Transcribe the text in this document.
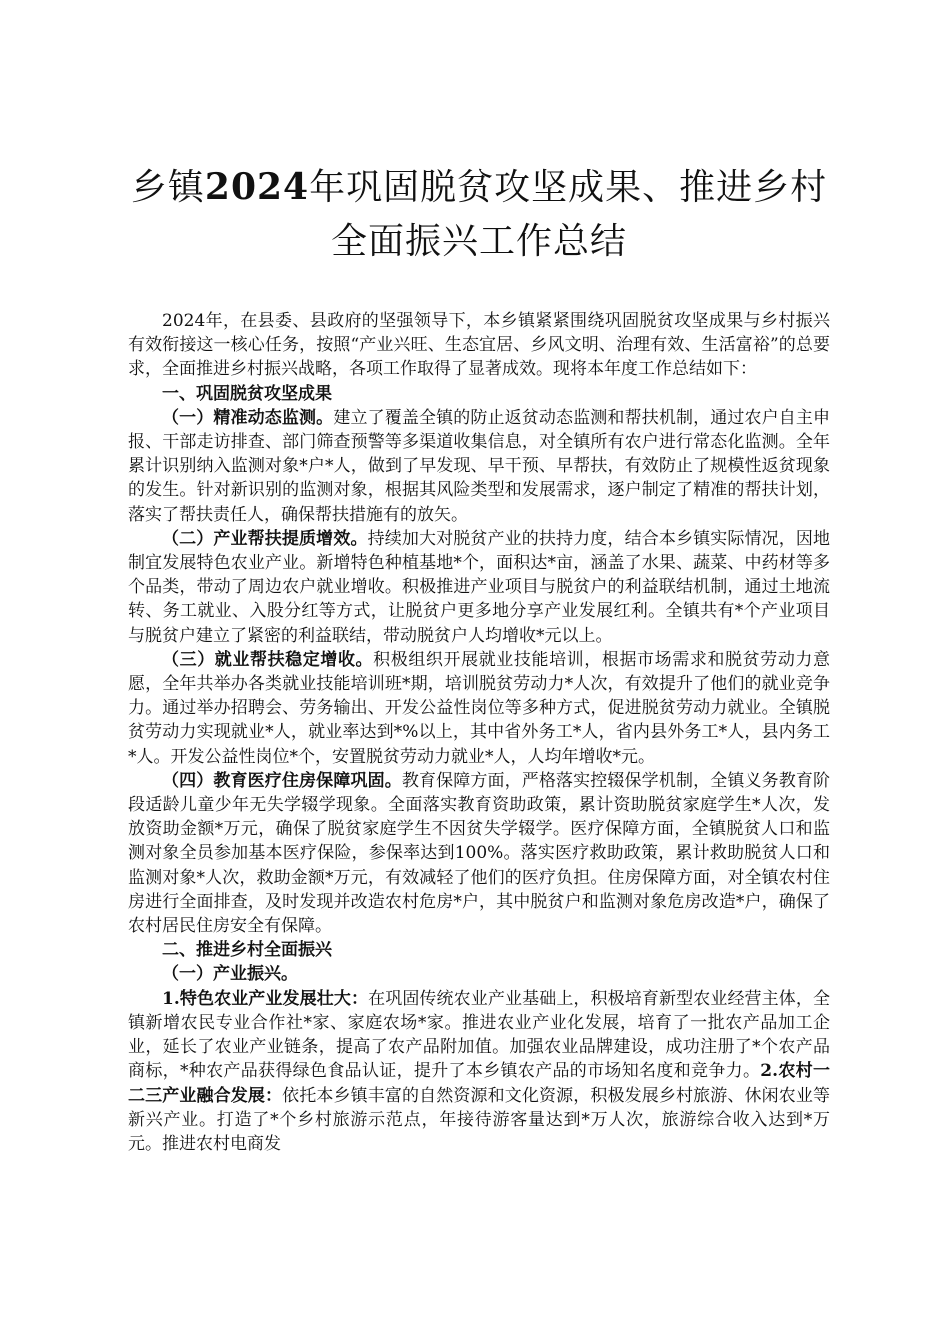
乡镇2024年巩固脱贫攻坚成果、推进乡村全面振兴工作总结

2024年，在县委、县政府的坚强领导下，本乡镇紧紧围绕巩固脱贫攻坚成果与乡村振兴有效衔接这一核心任务，按照“产业兴旺、生态宜居、乡风文明、治理有效、生活富裕”的总要求，全面推进乡村振兴战略，各项工作取得了显著成效。现将本年度工作总结如下：

一、巩固脱贫攻坚成果

（一）精准动态监测。建立了覆盖全镇的防止返贫动态监测和帮扶机制，通过农户自主申报、干部走访排查、部门筛查预警等多渠道收集信息，对全镇所有农户进行常态化监测。全年累计识别纳入监测对象*户*人，做到了早发现、早干预、早帮扶，有效防止了规模性返贫现象的发生。针对新识别的监测对象，根据其风险类型和发展需求，逐户制定了精准的帮扶计划，落实了帮扶责任人，确保帮扶措施有的放矢。

（二）产业帮扶提质增效。持续加大对脱贫产业的扶持力度，结合本乡镇实际情况，因地制宜发展特色农业产业。新增特色种植基地*个，面积达*亩，涵盖了水果、蔬菜、中药材等多个品类，带动了周边农户就业增收。积极推进产业项目与脱贫户的利益联结机制，通过土地流转、务工就业、入股分红等方式，让脱贫户更多地分享产业发展红利。全镇共有*个产业项目与脱贫户建立了紧密的利益联结，带动脱贫户人均增收*元以上。

（三）就业帮扶稳定增收。积极组织开展就业技能培训，根据市场需求和脱贫劳动力意愿，全年共举办各类就业技能培训班*期，培训脱贫劳动力*人次，有效提升了他们的就业竞争力。通过举办招聘会、劳务输出、开发公益性岗位等多种方式，促进脱贫劳动力就业。全镇脱贫劳动力实现就业*人，就业率达到*%以上，其中省外务工*人，省内县外务工*人，县内务工*人。开发公益性岗位*个，安置脱贫劳动力就业*人，人均年增收*元。

（四）教育医疗住房保障巩固。教育保障方面，严格落实控辍保学机制，全镇义务教育阶段适龄儿童少年无失学辍学现象。全面落实教育资助政策，累计资助脱贫家庭学生*人次，发放资助金额*万元，确保了脱贫家庭学生不因贫失学辍学。医疗保障方面，全镇脱贫人口和监测对象全员参加基本医疗保险，参保率达到100%。落实医疗救助政策，累计救助脱贫人口和监测对象*人次，救助金额*万元，有效减轻了他们的医疗负担。住房保障方面，对全镇农村住房进行全面排查，及时发现并改造农村危房*户，其中脱贫户和监测对象危房改造*户，确保了农村居民住房安全有保障。

二、推进乡村全面振兴

（一）产业振兴。

1.特色农业产业发展壮大：在巩固传统农业产业基础上，积极培育新型农业经营主体，全镇新增农民专业合作社*家、家庭农场*家。推进农业产业化发展，培育了一批农产品加工企业，延长了农业产业链条，提高了农产品附加值。加强农业品牌建设，成功注册了*个农产品商标，*种农产品获得绿色食品认证，提升了本乡镇农产品的市场知名度和竞争力。2.农村一二三产业融合发展：依托本乡镇丰富的自然资源和文化资源，积极发展乡村旅游、休闲农业等新兴产业。打造了*个乡村旅游示范点，年接待游客量达到*万人次，旅游综合收入达到*万元。推进农村电商发
